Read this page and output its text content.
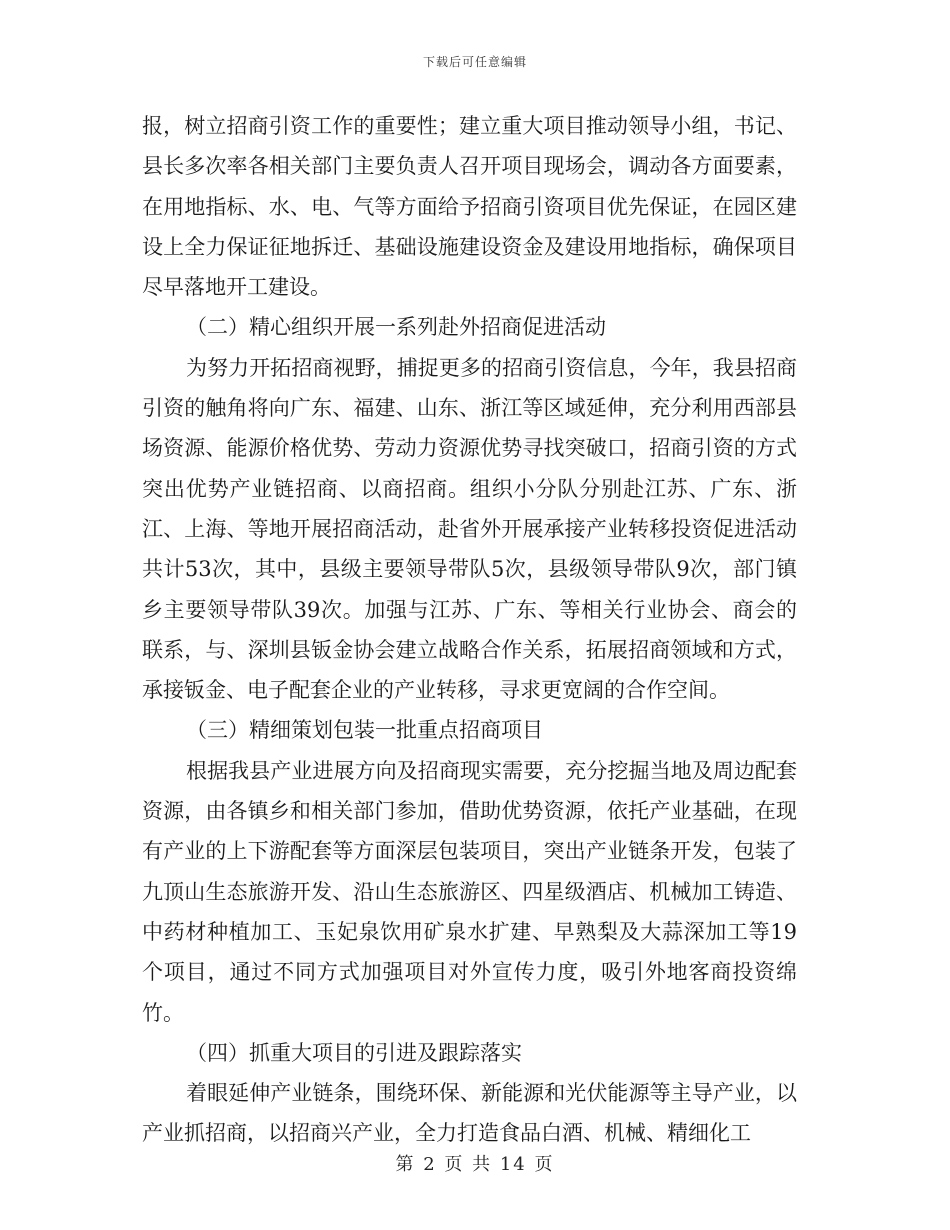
下载后可任意编辑

报，树立招商引资工作的重要性；建立重大项目推动领导小组，书记、县长多次率各相关部门主要负责人召开项目现场会，调动各方面要素，在用地指标、水、电、气等方面给予招商引资项目优先保证，在园区建设上全力保证征地拆迁、基础设施建设资金及建设用地指标，确保项目尽早落地开工建设。

（二）精心组织开展一系列赴外招商促进活动

为努力开拓招商视野，捕捉更多的招商引资信息，今年，我县招商引资的触角将向广东、福建、山东、浙江等区域延伸，充分利用西部县场资源、能源价格优势、劳动力资源优势寻找突破口，招商引资的方式突出优势产业链招商、以商招商。组织小分队分别赴江苏、广东、浙江、上海、等地开展招商活动，赴省外开展承接产业转移投资促进活动共计53次，其中，县级主要领导带队5次，县级领导带队9次，部门镇乡主要领导带队39次。加强与江苏、广东、等相关行业协会、商会的联系，与、深圳县钣金协会建立战略合作关系，拓展招商领域和方式，承接钣金、电子配套企业的产业转移，寻求更宽阔的合作空间。

（三）精细策划包装一批重点招商项目

根据我县产业进展方向及招商现实需要，充分挖掘当地及周边配套资源，由各镇乡和相关部门参加，借助优势资源，依托产业基础，在现有产业的上下游配套等方面深层包装项目，突出产业链条开发，包装了九顶山生态旅游开发、沿山生态旅游区、四星级酒店、机械加工铸造、中药材种植加工、玉妃泉饮用矿泉水扩建、早熟梨及大蒜深加工等19个项目，通过不同方式加强项目对外宣传力度，吸引外地客商投资绵竹。

（四）抓重大项目的引进及跟踪落实

着眼延伸产业链条，围绕环保、新能源和光伏能源等主导产业，以产业抓招商，以招商兴产业，全力打造食品白酒、机械、精细化工

第 2 页 共 14 页
